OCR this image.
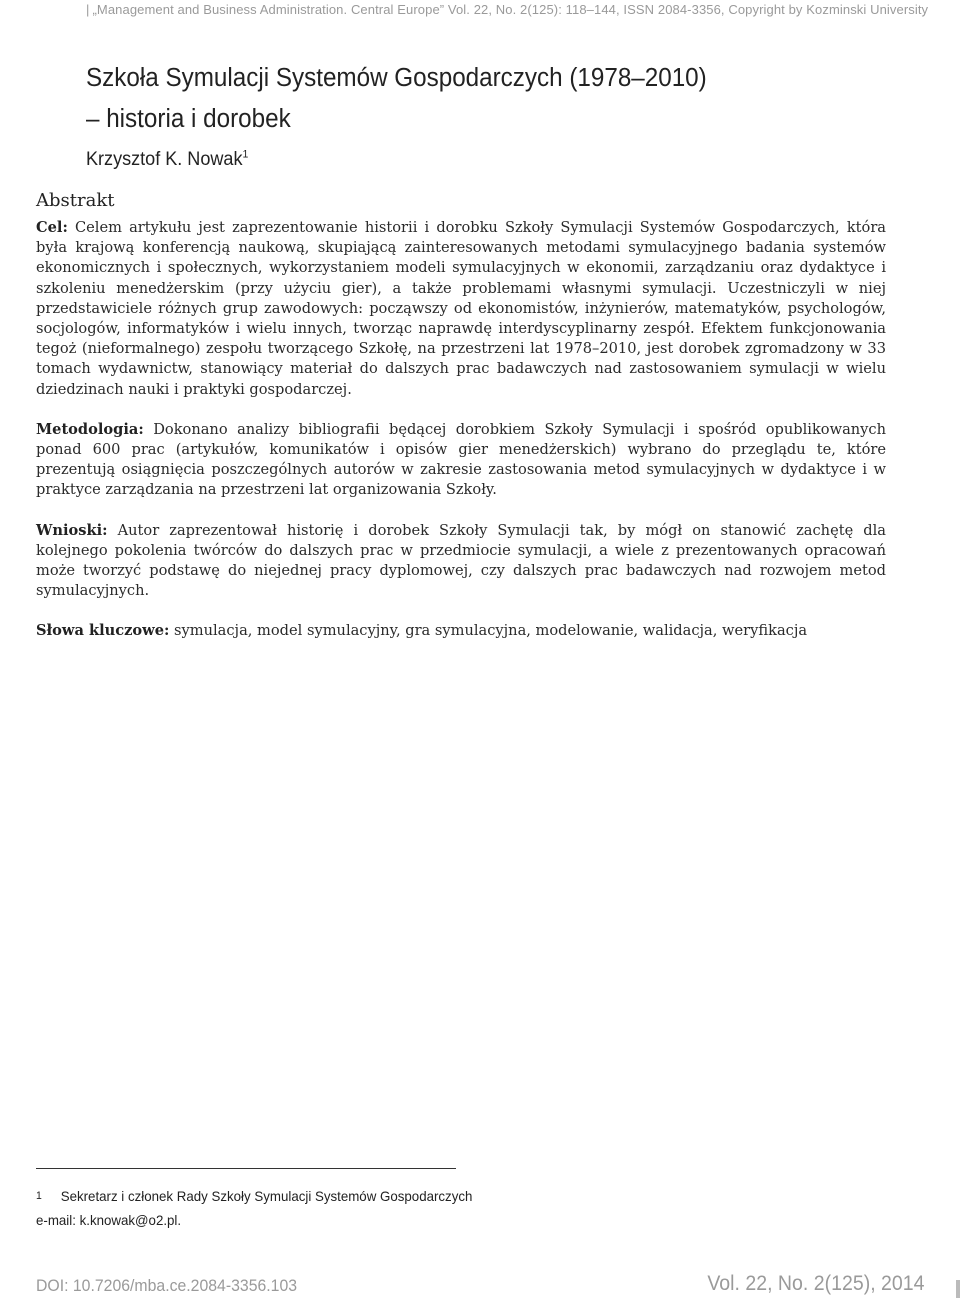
| „Management and Business Administration. Central Europe” Vol. 22, No. 2(125): 118–144, ISSN 2084-3356, Copyright by Kozminski University
Szkoła Symulacji Systemów Gospodarczych (1978–2010)
– historia i dorobek
Krzysztof K. Nowak$^1$
Abstrakt

Cel: Celem artykułu jest zaprezentowanie historii i dorobku Szkoły Symulacji Systemów Gospodarczych, która była krajową konferencją naukową, skupiającą zainteresowanych metodami symulacyjnego badania systemów ekonomicznych i społecznych, wykorzystaniem modeli symulacyjnych w ekonomii, zarządzaniu oraz dydaktyce i szkoleniu menedżerskim (przy użyciu gier), a także problemami własnymi symulacji. Uczestniczyli w niej przedstawiciele różnych grup zawodowych: począwszy od ekonomistów, inżynierów, matematyków, psychologów, socjologów, informatyków i wielu innych, tworząc naprawdę interdyscyplinarny zespół. Efektem funkcjonowania tegoż (nieformalnego) zespołu tworzącego Szkołę, na przestrzeni lat 1978–2010, jest dorobek zgromadzony w 33 tomach wydawnictw, stanowiący materiał do dalszych prac badawczych nad zastosowaniem symulacji w wielu dziedzinach nauki i praktyki gospodarczej.

Metodologia: Dokonano analizy bibliografii będącej dorobkiem Szkoły Symulacji i spośród opublikowanych ponad 600 prac (artykułów, komunikatów i opisów gier menedżerskich) wybrano do przeglądu te, które prezentują osiągnięcia poszczególnych autorów w zakresie zastosowania metod symulacyjnych w dydaktyce i w praktyce zarządzania na przestrzeni lat organizowania Szkoły.

Wnioski: Autor zaprezentował historię i dorobek Szkoły Symulacji tak, by mógł on stanowić zachętę dla kolejnego pokolenia twórców do dalszych prac w przedmiocie symulacji, a wiele z prezentowanych opracowań może tworzyć podstawę do niejednej pracy dyplomowej, czy dalszych prac badawczych nad rozwojem metod symulacyjnych.

Słowa kluczowe: symulacja, model symulacyjny, gra symulacyjna, modelowanie, walidacja, weryfikacja

1 Sekretarz i członek Rady Szkoły Symulacji Systemów Gospodarczych
e-mail: k.knowak@o2.pl.
DOI: 10.7206/mba.ce.2084-3356.103	Vol. 22, No. 2(125), 2014
